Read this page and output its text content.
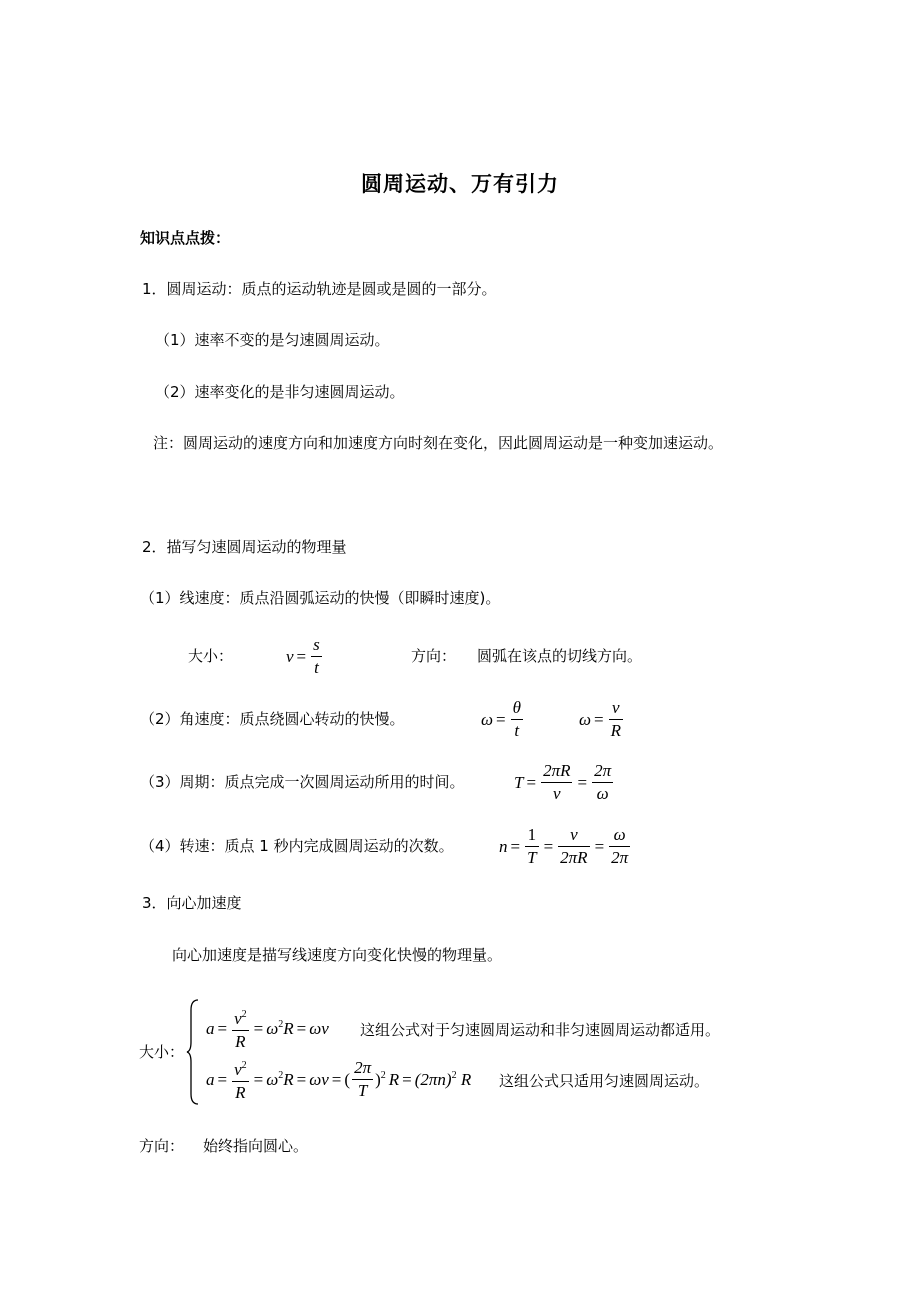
圆周运动、万有引力
知识点点拨：
1．圆周运动：质点的运动轨迹是圆或是圆的一部分。
（1）速率不变的是匀速圆周运动。
（2）速率变化的是非匀速圆周运动。
注：圆周运动的速度方向和加速度方向时刻在变化，因此圆周运动是一种变加速运动。
2．描写匀速圆周运动的物理量
（1）线速度：质点沿圆弧运动的快慢（即瞬时速度)。
大小：	$v = \frac{s}{t}$	方向： 圆弧在该点的切线方向。
（2）角速度：质点绕圆心转动的快慢。	$\omega = \frac{\theta}{t}$	$\omega = \frac{v}{R}$
（3）周期：质点完成一次圆周运动所用的时间。	$T = \frac{2\pi R}{v} = \frac{2\pi}{\omega}$
（4）转速：质点 1 秒内完成圆周运动的次数。	$n = \frac{1}{T} = \frac{v}{2\pi R} = \frac{\omega}{2\pi}$
3．向心加速度
向心加速度是描写线速度方向变化快慢的物理量。
大小：
$a = \frac{v^2}{R} = \omega^2R = \omega v$ 这组公式对于匀速圆周运动和非匀速圆周运动都适用。
$a = \frac{v^2}{R} = \omega^2R = \omega v$ = ( $\frac{2\pi}{T} )^2$ $R = (2\pi n)^2$ R 这组公式只适用匀速圆周运动。
方向： 始终指向圆心。
